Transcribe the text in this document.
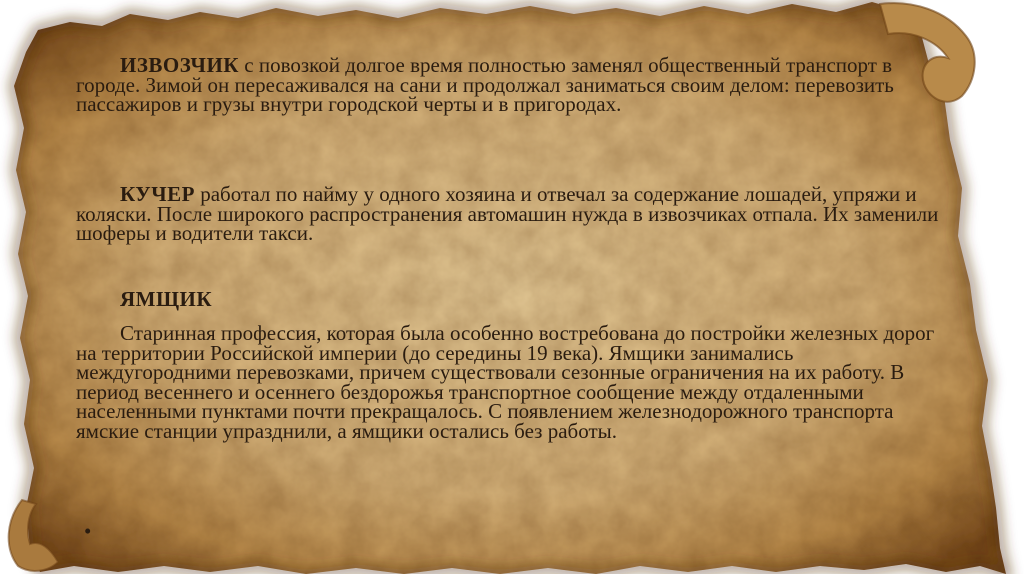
ИЗВОЗЧИК с повозкой долгое время полностью заменял общественный транспорт в городе. Зимой он пересаживался на сани и продолжал заниматься своим делом: перевозить пассажиров и грузы внутри городской черты и в пригородах.

КУЧЕР работал по найму у одного хозяина и отвечал за содержание лошадей, упряжи и коляски. После широкого распространения автомашин нужда в извозчиках отпала. Их заменили шоферы и водители такси.

ЯМЩИК

Старинная профессия, которая была особенно востребована до постройки железных дорог на территории Российской империи (до середины 19 века). Ямщики занимались междугородними перевозками, причем существовали сезонные ограничения на их работу. В период весеннего и осеннего бездорожья транспортное сообщение между отдаленными населенными пунктами почти прекращалось. С появлением железнодорожного транспорта ямские станции упразднили, а ямщики остались без работы.

•
